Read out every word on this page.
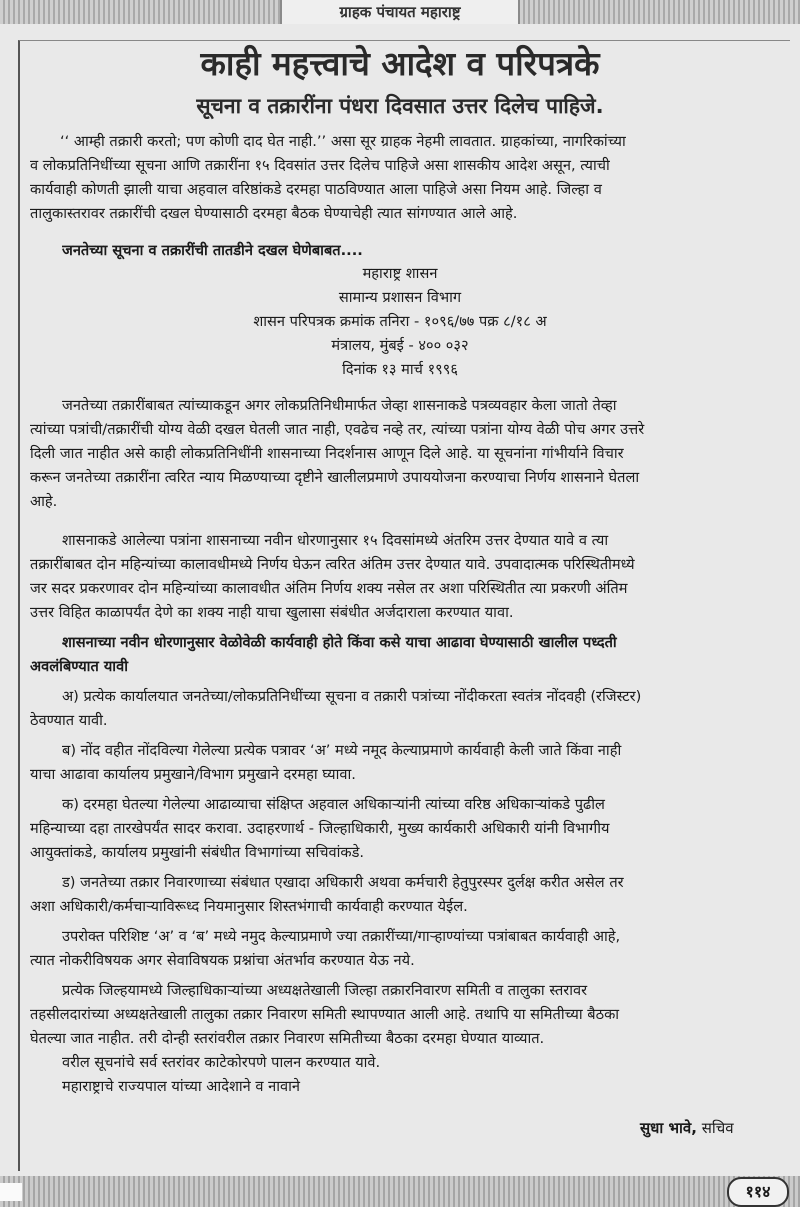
ग्राहक पंचायत महाराष्ट्र
काही महत्त्वाचे आदेश व परिपत्रके
सूचना व तक्रारींना पंधरा दिवसात उत्तर दिलेच पाहिजे.
‘‘ आम्ही तक्रारी करतो; पण कोणी दाद घेत नाही.’’ असा सूर ग्राहक नेहमी लावतात. ग्राहकांच्या, नागरिकांच्या
व लोकप्रतिनिधींच्या सूचना आणि तक्रारींना १५ दिवसांत उत्तर दिलेच पाहिजे असा शासकीय आदेश असून, त्याची
कार्यवाही कोणती झाली याचा अहवाल वरिष्ठांकडे दरमहा पाठविण्यात आला पाहिजे असा नियम आहे. जिल्हा व
तालुकास्तरावर तक्रारींची दखल घेण्यासाठी दरमहा बैठक घेण्याचेही त्यात सांगण्यात आले आहे.
जनतेच्या सूचना व तक्रारींची तातडीने दखल घेणेबाबत....
महाराष्ट्र शासन
सामान्य प्रशासन विभाग
शासन परिपत्रक क्रमांक तनिरा - १०९६/७७ पक्र ८/१८ अ
मंत्रालय, मुंबई - ४०० ०३२
दिनांक १३ मार्च १९९६
जनतेच्या तक्रारींबाबत त्यांच्याकडून अगर लोकप्रतिनिधीमार्फत जेव्हा शासनाकडे पत्रव्यवहार केला जातो तेव्हा
त्यांच्या पत्रांची/तक्रारींची योग्य वेळी दखल घेतली जात नाही, एवढेच नव्हे तर, त्यांच्या पत्रांना योग्य वेळी पोच अगर उत्तरे
दिली जात नाहीत असे काही लोकप्रतिनिधींनी शासनाच्या निदर्शनास आणून दिले आहे. या सूचनांना गांभीर्याने विचार
करून जनतेच्या तक्रारींना त्वरित न्याय मिळण्याच्या दृष्टीने खालीलप्रमाणे उपाययोजना करण्याचा निर्णय शासनाने घेतला
आहे.
शासनाकडे आलेल्या पत्रांना शासनाच्या नवीन धोरणानुसार १५ दिवसांमध्ये अंतरिम उत्तर देण्यात यावे व त्या
तक्रारींबाबत दोन महिन्यांच्या कालावधीमध्ये निर्णय घेऊन त्वरित अंतिम उत्तर देण्यात यावे. उपवादात्मक परिस्थितीमध्ये
जर सदर प्रकरणावर दोन महिन्यांच्या कालावधीत अंतिम निर्णय शक्य नसेल तर अशा परिस्थितीत त्या प्रकरणी अंतिम
उत्तर विहित काळापर्यंत देणे का शक्य नाही याचा खुलासा संबंधीत अर्जदाराला करण्यात यावा.
शासनाच्या नवीन धोरणानुसार वेळोवेळी कार्यवाही होते किंवा कसे याचा आढावा घेण्यासाठी खालील पध्दती
अवलंबिण्यात यावी
अ) प्रत्येक कार्यालयात जनतेच्या/लोकप्रतिनिधींच्या सूचना व तक्रारी पत्रांच्या नोंदीकरता स्वतंत्र नोंदवही (रजिस्टर)
ठेवण्यात यावी.
ब) नोंद वहीत नोंदविल्या गेलेल्या प्रत्येक पत्रावर ‘अ’ मध्ये नमूद केल्याप्रमाणे कार्यवाही केली जाते किंवा नाही
याचा आढावा कार्यालय प्रमुखाने/विभाग प्रमुखाने दरमहा घ्यावा.
क) दरमहा घेतल्या गेलेल्या आढाव्याचा संक्षिप्त अहवाल अधिकाऱ्यांनी त्यांच्या वरिष्ठ अधिकाऱ्यांकडे पुढील
महिन्याच्या दहा तारखेपर्यंत सादर करावा. उदाहरणार्थ - जिल्हाधिकारी, मुख्य कार्यकारी अधिकारी यांनी विभागीय
आयुक्तांकडे, कार्यालय प्रमुखांनी संबंधीत विभागांच्या सचिवांकडे.
ड) जनतेच्या तक्रार निवारणाच्या संबंधात एखादा अधिकारी अथवा कर्मचारी हेतुपुरस्पर दुर्लक्ष करीत असेल तर
अशा अधिकारी/कर्मचाऱ्याविरूध्द नियमानुसार शिस्तभंगाची कार्यवाही करण्यात येईल.
उपरोक्त परिशिष्ट ‘अ’ व ‘ब’ मध्ये नमुद केल्याप्रमाणे ज्या तक्रारींच्या/गाऱ्हाण्यांच्या पत्रांबाबत कार्यवाही आहे,
त्यात नोकरीविषयक अगर सेवाविषयक प्रश्नांचा अंतर्भाव करण्यात येऊ नये.
प्रत्येक जिल्हयामध्ये जिल्हाधिकाऱ्यांच्या अध्यक्षतेखाली जिल्हा तक्रारनिवारण समिती व तालुका स्तरावर
तहसीलदारांच्या अध्यक्षतेखाली तालुका तक्रार निवारण समिती स्थापण्यात आली आहे. तथापि या समितीच्या बैठका
घेतल्या जात नाहीत. तरी दोन्ही स्तरांवरील तक्रार निवारण समितीच्या बैठका दरमहा घेण्यात याव्यात.
वरील सूचनांचे सर्व स्तरांवर काटेकोरपणे पालन करण्यात यावे.
महाराष्ट्राचे राज्यपाल यांच्या आदेशाने व नावाने
सुधा भावे, सचिव
११४
